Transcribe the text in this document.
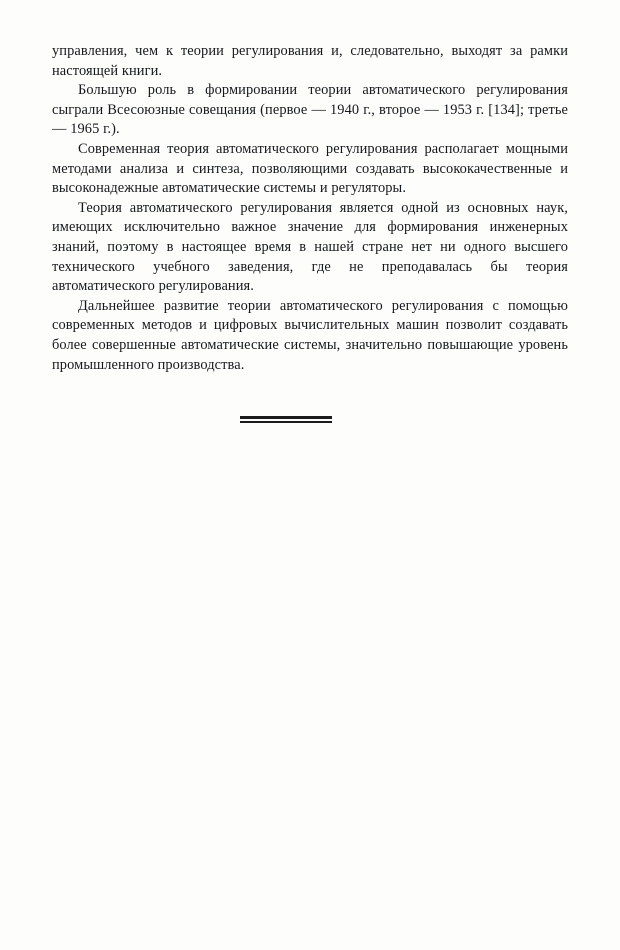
управления, чем к теории регулирования и, следовательно, выходят за рамки настоящей книги.

Большую роль в формировании теории автоматического регулирования сыграли Всесоюзные совещания (первое — 1940 г., второе — 1953 г. [134]; третье — 1965 г.).

Современная теория автоматического регулирования располагает мощными методами анализа и синтеза, позволяющими создавать высококачественные и высоконадежные автоматические системы и регуляторы.

Теория автоматического регулирования является одной из основных наук, имеющих исключительно важное значение для формирования инженерных знаний, поэтому в настоящее время в нашей стране нет ни одного высшего технического учебного заведения, где не преподавалась бы теория автоматического регулирования.

Дальнейшее развитие теории автоматического регулирования с помощью современных методов и цифровых вычислительных машин позволит создавать более совершенные автоматические системы, значительно повышающие уровень промышленного производства.
